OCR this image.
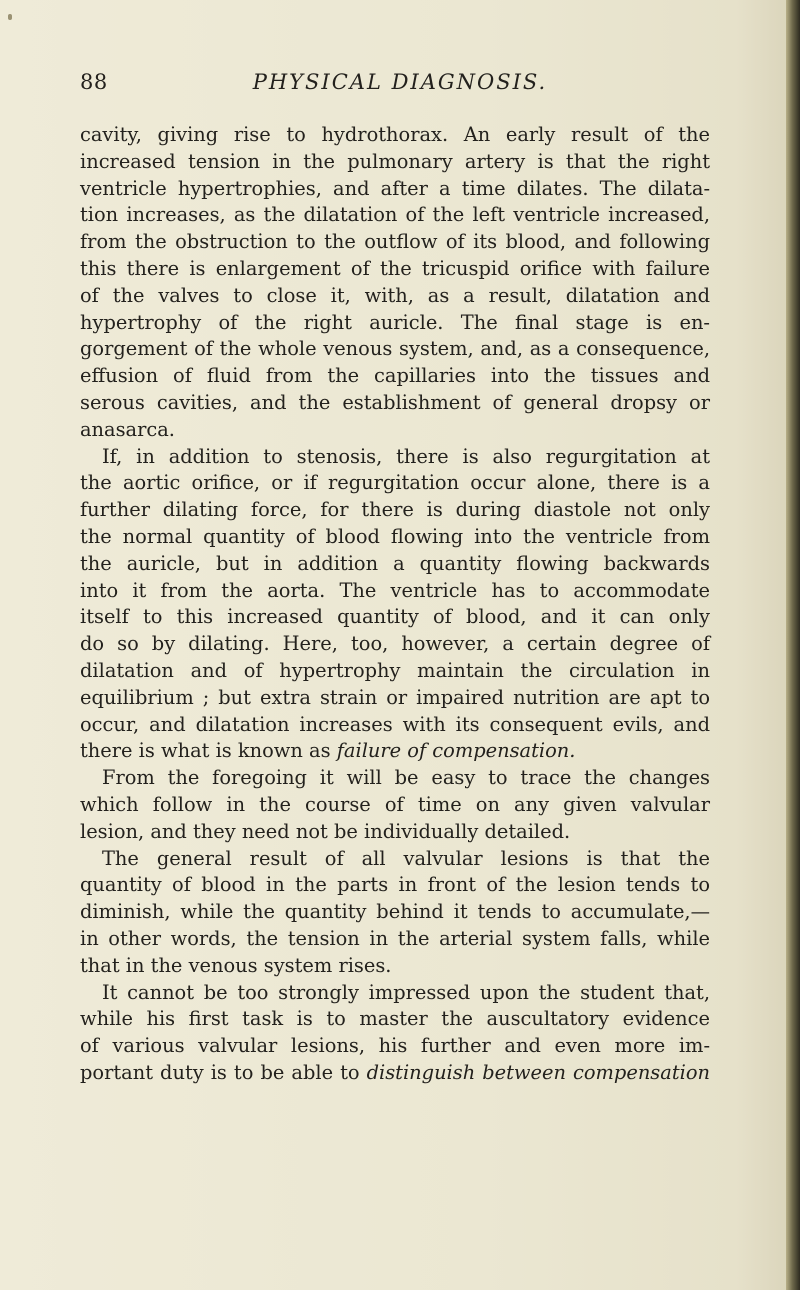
88	PHYSICAL DIAGNOSIS.
cavity, giving rise to hydrothorax. An early result of the
increased tension in the pulmonary artery is that the right
ventricle hypertrophies, and after a time dilates. The dilata-
tion increases, as the dilatation of the left ventricle increased,
from the obstruction to the outflow of its blood, and following
this there is enlargement of the tricuspid orifice with failure
of the valves to close it, with, as a result, dilatation and
hypertrophy of the right auricle. The final stage is en-
gorgement of the whole venous system, and, as a consequence,
effusion of fluid from the capillaries into the tissues and
serous cavities, and the establishment of general dropsy or
anasarca.
If, in addition to stenosis, there is also regurgitation at
the aortic orifice, or if regurgitation occur alone, there is a
further dilating force, for there is during diastole not only
the normal quantity of blood flowing into the ventricle from
the auricle, but in addition a quantity flowing backwards
into it from the aorta. The ventricle has to accommodate
itself to this increased quantity of blood, and it can only
do so by dilating. Here, too, however, a certain degree of
dilatation and of hypertrophy maintain the circulation in
equilibrium ; but extra strain or impaired nutrition are apt to
occur, and dilatation increases with its consequent evils, and
there is what is known as failure of compensation.
From the foregoing it will be easy to trace the changes
which follow in the course of time on any given valvular
lesion, and they need not be individually detailed.
The general result of all valvular lesions is that the
quantity of blood in the parts in front of the lesion tends to
diminish, while the quantity behind it tends to accumulate,—
in other words, the tension in the arterial system falls, while
that in the venous system rises.
It cannot be too strongly impressed upon the student that,
while his first task is to master the auscultatory evidence
of various valvular lesions, his further and even more im-
portant duty is to be able to distinguish between compensation
